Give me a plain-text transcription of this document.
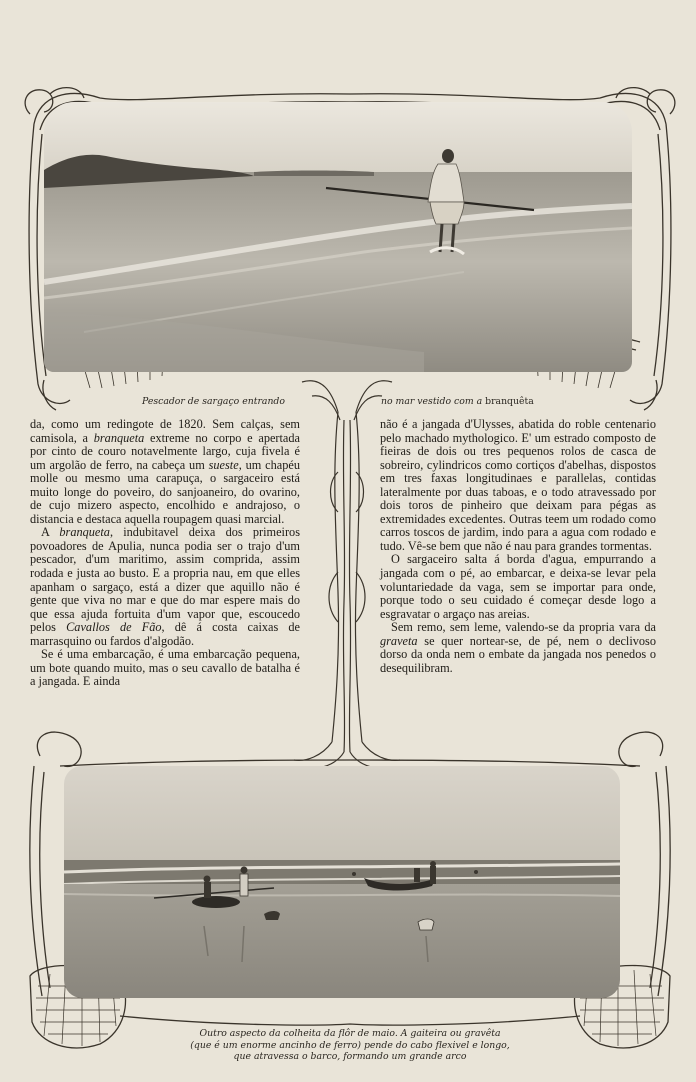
Pescador de sargaço entrando	no mar vestido com a branquêta

da, como um redingote de 1820. Sem calças, sem camisola, a branqueta extreme no corpo e apertada por cinto de couro notavelmente largo, cuja fivela é um argolão de ferro, na cabeça um sueste, um chapéu molle ou mesmo uma carapuça, o sargaceiro está muito longe do poveiro, do sanjoaneiro, do ovarino, de cujo mizero aspecto, encolhido e andrajoso, o distancia e destaca aquella roupagem quasi marcial.

A branqueta, indubitavel deixa dos primeiros povoadores de Apulia, nunca podia ser o trajo d'um pescador, d'um maritimo, assim comprida, assim rodada e justa ao busto. E a propria nau, em que elles apanham o sargaço, está a dizer que aquillo não é gente que viva no mar e que do mar espere mais do que essa ajuda fortuita d'um vapor que, escoucedo pelos Cavallos de Fão, dê á costa caixas de marrasquino ou fardos d'algodão.

Se é uma embarcação, é uma embarcação pequena, um bote quando muito, mas o seu cavallo de batalha é a jangada. E ainda

não é a jangada d'Ulysses, abatida do roble centenario pelo machado mythologico. E' um estrado composto de fieiras de dois ou tres pequenos rolos de casca de sobreiro, cylindricos como cortiços d'abelhas, dispostos em tres faxas longitudinaes e parallelas, contidas lateralmente por duas taboas, e o todo atravessado por dois toros de pinheiro que deixam para pégas as extremidades excedentes. Outras teem um rodado como carros toscos de jardim, indo para a agua com rodado e tudo. Vê-se bem que não é nau para grandes tormentas.

O sargaceiro salta á borda d'agua, empurrando a jangada com o pé, ao embarcar, e deixa-se levar pela voluntariedade da vaga, sem se importar para onde, porque todo o seu cuidado é começar desde logo a esgravatar o argaço nas areias.

Sem remo, sem leme, valendo-se da propria vara da graveta se quer nortear-se, de pé, nem o declivoso dorso da onda nem o embate da jangada nos penedos o desequilibram.

Outro aspecto da colheita da flôr de maio. A gaiteira ou gravêta
(que é um enorme ancinho de ferro) pende do cabo flexivel e longo,
que atravessa o barco, formando um grande arco
